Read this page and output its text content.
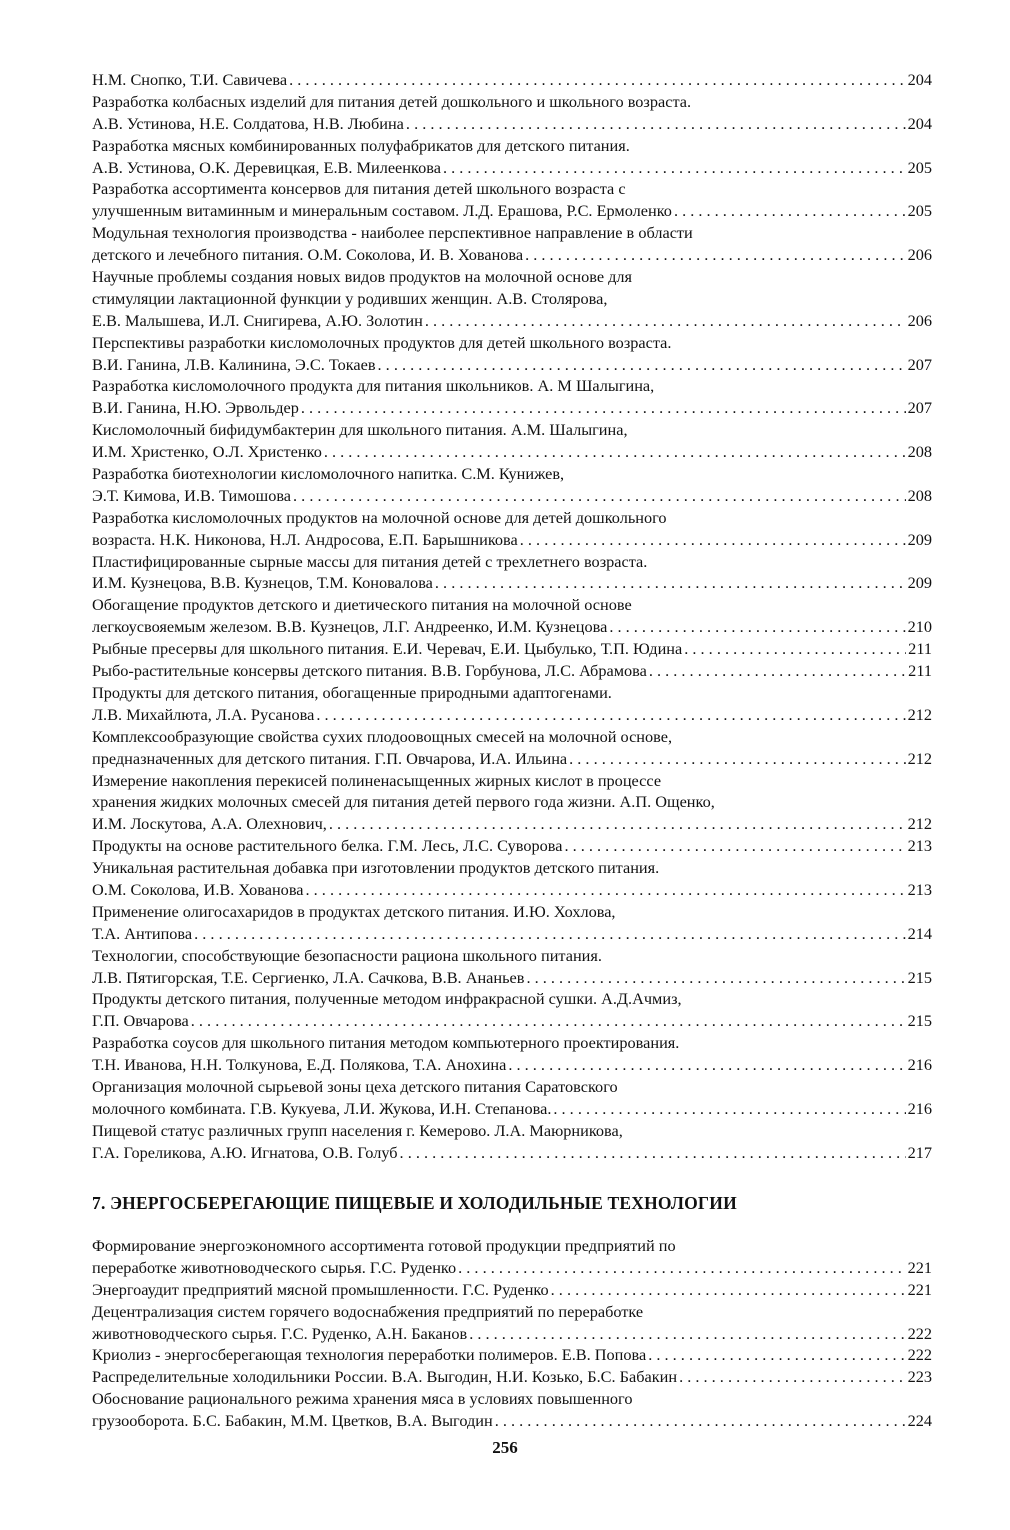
Н.М. Снопко, Т.И. Савичева . . .	204
Разработка колбасных изделий для питания детей дошкольного и школьного возраста.
А.В. Устинова, Н.Е. Солдатова, Н.В. Любина . . .	204
Разработка мясных комбинированных полуфабрикатов для детского питания.
А.В. Устинова, О.К. Деревицкая, Е.В. Милеенкова . . .	205
Разработка ассортимента консервов для питания детей школьного возраста с
улучшенным витаминным и минеральным составом. Л.Д. Ерашова, Р.С. Ермоленко . . .	205
Модульная технология производства - наиболее перспективное направление в области
детского и лечебного питания. О.М. Соколова, И. В. Хованова . . .	206
Научные проблемы создания новых видов продуктов на молочной основе для
стимуляции лактационной функции у родивших женщин. А.В. Столярова,
Е.В. Малышева, И.Л. Снигирева, А.Ю. Золотин . . .	206
Перспективы разработки кисломолочных продуктов для детей школьного возраста.
В.И. Ганина, Л.В. Калинина, Э.С. Токаев . . .	207
Разработка кисломолочного продукта для питания школьников. А. М Шалыгина,
В.И. Ганина, Н.Ю. Эрвольдер . . .	207
Кисломолочный бифидумбактерин для школьного питания. А.М. Шалыгина,
И.М. Христенко, О.Л. Христенко . . .	208
Разработка биотехнологии кисломолочного напитка. С.М. Кунижев,
Э.Т. Кимова, И.В. Тимошова . . .	208
Разработка кисломолочных продуктов на молочной основе для детей дошкольного
возраста. Н.К. Никонова, Н.Л. Андросова, Е.П. Барышникова . . .	209
Пластифицированные сырные массы для питания детей с трехлетнего возраста.
И.М. Кузнецова, В.В. Кузнецов, Т.М. Коновалова . . .	209
Обогащение продуктов детского и диетического питания на молочной основе
легкоусвояемым железом. В.В. Кузнецов, Л.Г. Андреенко, И.М. Кузнецова . . .	210
Рыбные пресервы для школьного питания. Е.И. Черевач, Е.И. Цыбулько, Т.П. Юдина . . .	211
Рыбо-растительные консервы детского питания. В.В. Горбунова, Л.С. Абрамова . . .	211
Продукты для детского питания, обогащенные природными адаптогенами.
Л.В. Михайлюта, Л.А. Русанова . . .	212
Комплексообразующие свойства сухих плодоовощных смесей на молочной основе,
предназначенных для детского питания. Г.П. Овчарова, И.А. Ильина . . .	212
Измерение накопления перекисей полиненасыщенных жирных кислот в процессе
хранения жидких молочных смесей для питания детей первого года жизни. А.П. Ощенко,
И.М. Лоскутова, А.А. Олехнович, . . .	212
Продукты на основе растительного белка. Г.М. Лесь, Л.С. Суворова . . .	213
Уникальная растительная добавка при изготовлении продуктов детского питания.
О.М. Соколова, И.В. Хованова . . .	213
Применение олигосахаридов в продуктах детского питания. И.Ю. Хохлова,
Т.А. Антипова . . .	214
Технологии, способствующие безопасности рациона школьного питания.
Л.В. Пятигорская, Т.Е. Сергиенко, Л.А. Сачкова, В.В. Ананьев . . .	215
Продукты детского питания, полученные методом инфракрасной сушки. А.Д.Ачмиз,
Г.П. Овчарова . . .	215
Разработка соусов для школьного питания методом компьютерного проектирования.
Т.Н. Иванова, Н.Н. Толкунова, Е.Д. Полякова, Т.А. Анохина . . .	216
Организация молочной сырьевой зоны цеха детского питания Саратовского
молочного комбината. Г.В. Кукуева, Л.И. Жукова, И.Н. Степанова. . . .	216
Пищевой статус различных групп населения г. Кемерово. Л.А. Маюрникова,
Г.А. Гореликова, А.Ю. Игнатова, О.В. Голуб . . .	217
7. ЭНЕРГОСБЕРЕГАЮЩИЕ ПИЩЕВЫЕ И ХОЛОДИЛЬНЫЕ ТЕХНОЛОГИИ
Формирование энергоэкономного ассортимента готовой продукции предприятий по
переработке животноводческого сырья. Г.С. Руденко . . .	221
Энергоаудит предприятий мясной промышленности. Г.С. Руденко . . .	221
Децентрализация систем горячего водоснабжения предприятий по переработке
животноводческого сырья. Г.С. Руденко, А.Н. Баканов . . .	222
Криолиз - энергосберегающая технология переработки полимеров. Е.В. Попова . . .	222
Распределительные холодильники России. В.А. Выгодин, Н.И. Козько, Б.С. Бабакин . . .	223
Обоснование рационального режима хранения мяса в условиях повышенного
грузооборота. Б.С. Бабакин, М.М. Цветков, В.А. Выгодин . . .	224
256
